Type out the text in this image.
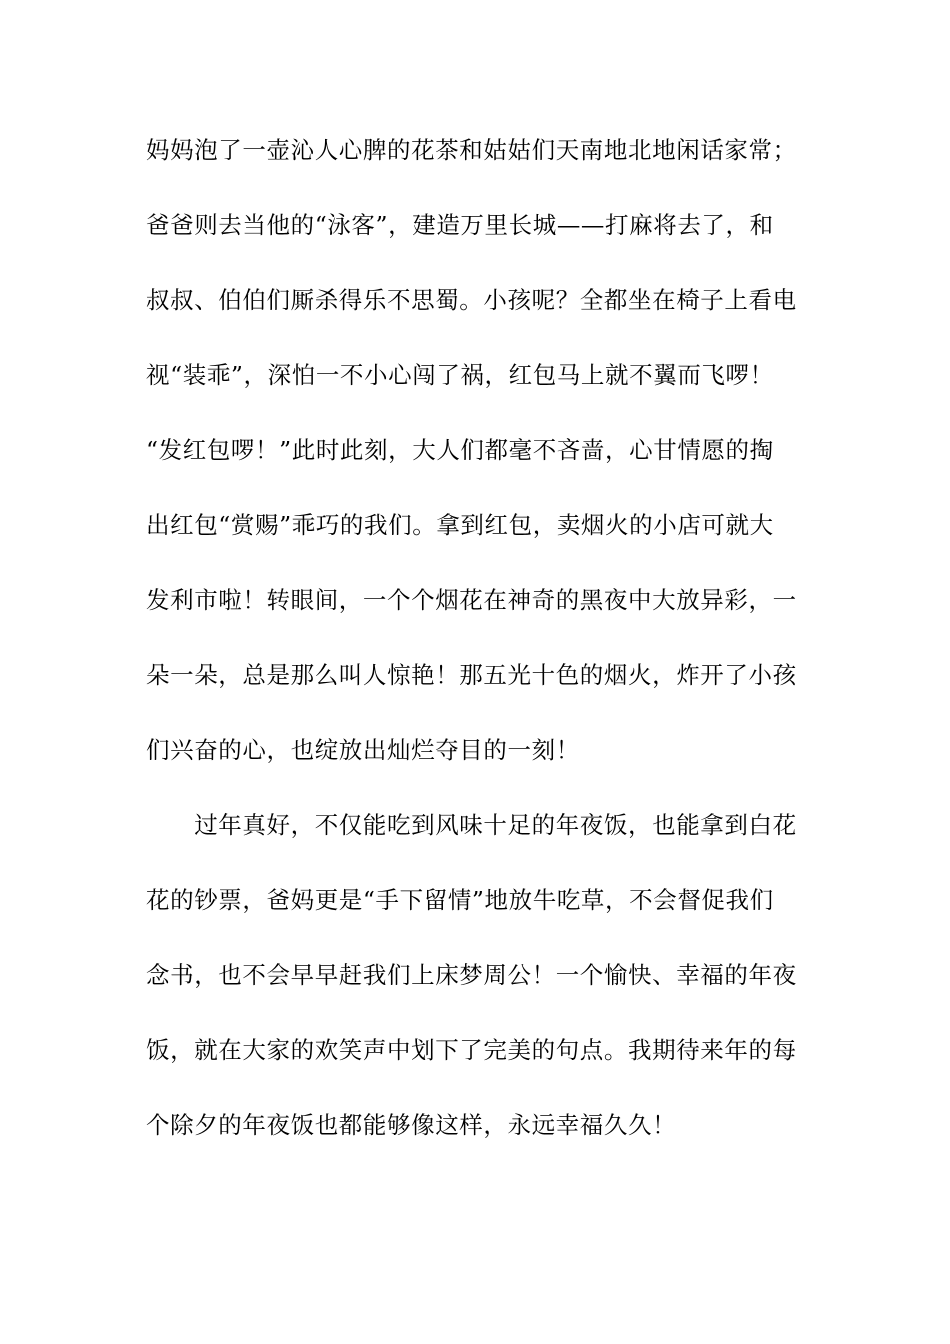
妈妈泡了一壶沁人心脾的花茶和姑姑们天南地北地闲话家常；
爸爸则去当他的“泳客”，建造万里长城——打麻将去了，和
叔叔、伯伯们厮杀得乐不思蜀。小孩呢？全都坐在椅子上看电
视“装乖”，深怕一不小心闯了祸，红包马上就不翼而飞啰！
“发红包啰！”此时此刻，大人们都毫不吝啬，心甘情愿的掏
出红包“赏赐”乖巧的我们。拿到红包，卖烟火的小店可就大
发利市啦！转眼间，一个个烟花在神奇的黑夜中大放异彩，一
朵一朵，总是那么叫人惊艳！那五光十色的烟火，炸开了小孩
们兴奋的心，也绽放出灿烂夺目的一刻！
　　过年真好，不仅能吃到风味十足的年夜饭，也能拿到白花
花的钞票，爸妈更是“手下留情”地放牛吃草，不会督促我们
念书，也不会早早赶我们上床梦周公！一个愉快、幸福的年夜
饭，就在大家的欢笑声中划下了完美的句点。我期待来年的每
个除夕的年夜饭也都能够像这样，永远幸福久久！
